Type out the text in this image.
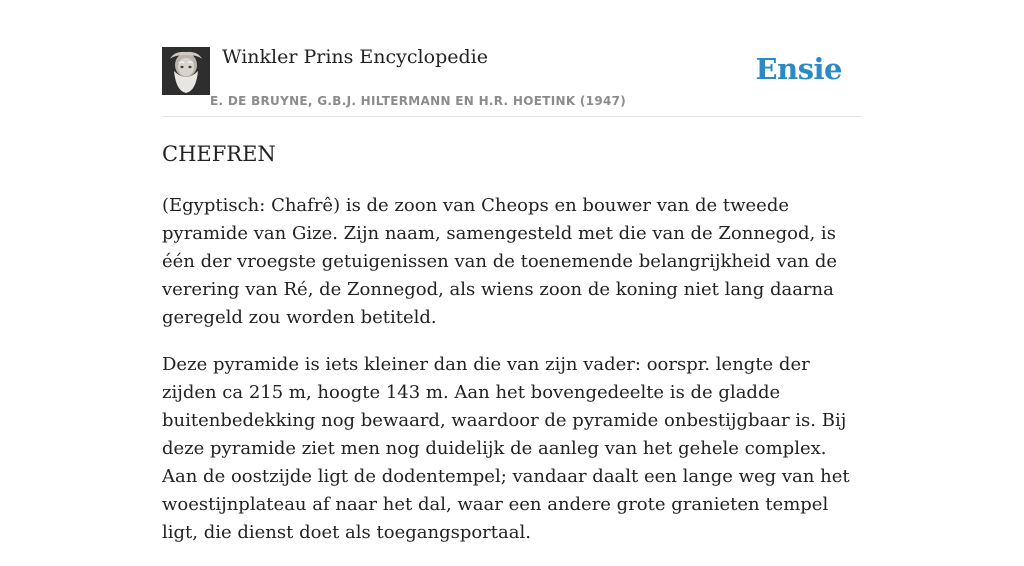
Winkler Prins Encyclopedie
E. DE BRUYNE, G.B.J. HILTERMANN EN H.R. HOETINK (1947)
Ensie
CHEFREN

(Egyptisch: Chafrê) is de zoon van Cheops en bouwer van de tweede pyramide van Gize. Zijn naam, samengesteld met die van de Zonnegod, is één der vroegste getuigenissen van de toenemende belangrijkheid van de verering van Ré, de Zonnegod, als wiens zoon de koning niet lang daarna geregeld zou worden betiteld.

Deze pyramide is iets kleiner dan die van zijn vader: oorspr. lengte der zijden ca 215 m, hoogte 143 m. Aan het bovengedeelte is de gladde buitenbedekking nog bewaard, waardoor de pyramide onbestijgbaar is. Bij deze pyramide ziet men nog duidelijk de aanleg van het gehele complex. Aan de oostzijde ligt de dodentempel; vandaar daalt een lange weg van het woestijnplateau af naar het dal, waar een andere grote granieten tempel ligt, die dienst doet als toegangsportaal.
